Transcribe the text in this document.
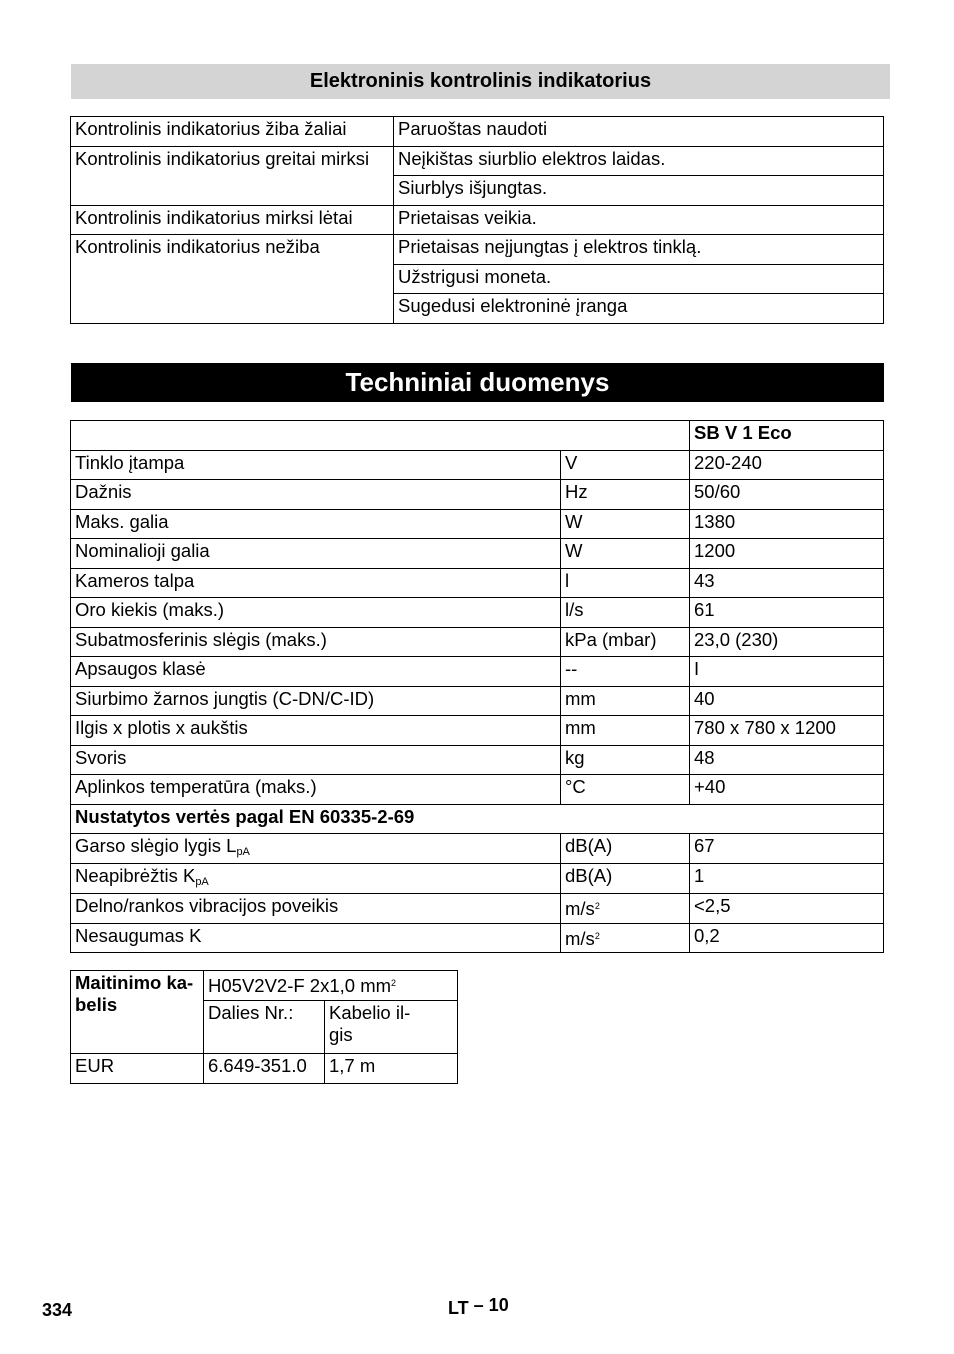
Elektroninis kontrolinis indikatorius
Kontrolinis indikatorius žiba žaliai	Paruoštas naudoti
Kontrolinis indikatorius greitai mirksi	Neįkištas siurblio elektros laidas.
	Siurblys išjungtas.
Kontrolinis indikatorius mirksi lėtai	Prietaisas veikia.
Kontrolinis indikatorius nežiba	Prietaisas neįjungtas į elektros tinklą.
	Užstrigusi moneta.
	Sugedusi elektroninė įranga
Techniniai duomenys
		SB V 1 Eco
Tinklo įtampa	V	220-240
Dažnis	Hz	50/60
Maks. galia	W	1380
Nominalioji galia	W	1200
Kameros talpa	l	43
Oro kiekis (maks.)	l/s	61
Subatmosferinis slėgis (maks.)	kPa (mbar)	23,0 (230)
Apsaugos klasė	--	I
Siurbimo žarnos jungtis (C-DN/C-ID)	mm	40
Ilgis x plotis x aukštis	mm	780 x 780 x 1200
Svoris	kg	48
Aplinkos temperatūra (maks.)	°C	+40
Nustatytos vertės pagal EN 60335-2-69		
Garso slėgio lygis $L_{pA}$	dB(A)	67
Neapibrėžtis $K_{pA}$	dB(A)	1
Delno/rankos vibracijos poveikis	$m/s^2$	<2,5
Nesaugumas K	$m/s^2$	0,2
Maitinimo ka-
belis	H05V2V2-F 2x1,0 $mm^2$
	Dalies Nr.:	Kabelio il-
gis
EUR	6.649-351.0	1,7 m
334	LT – 10
